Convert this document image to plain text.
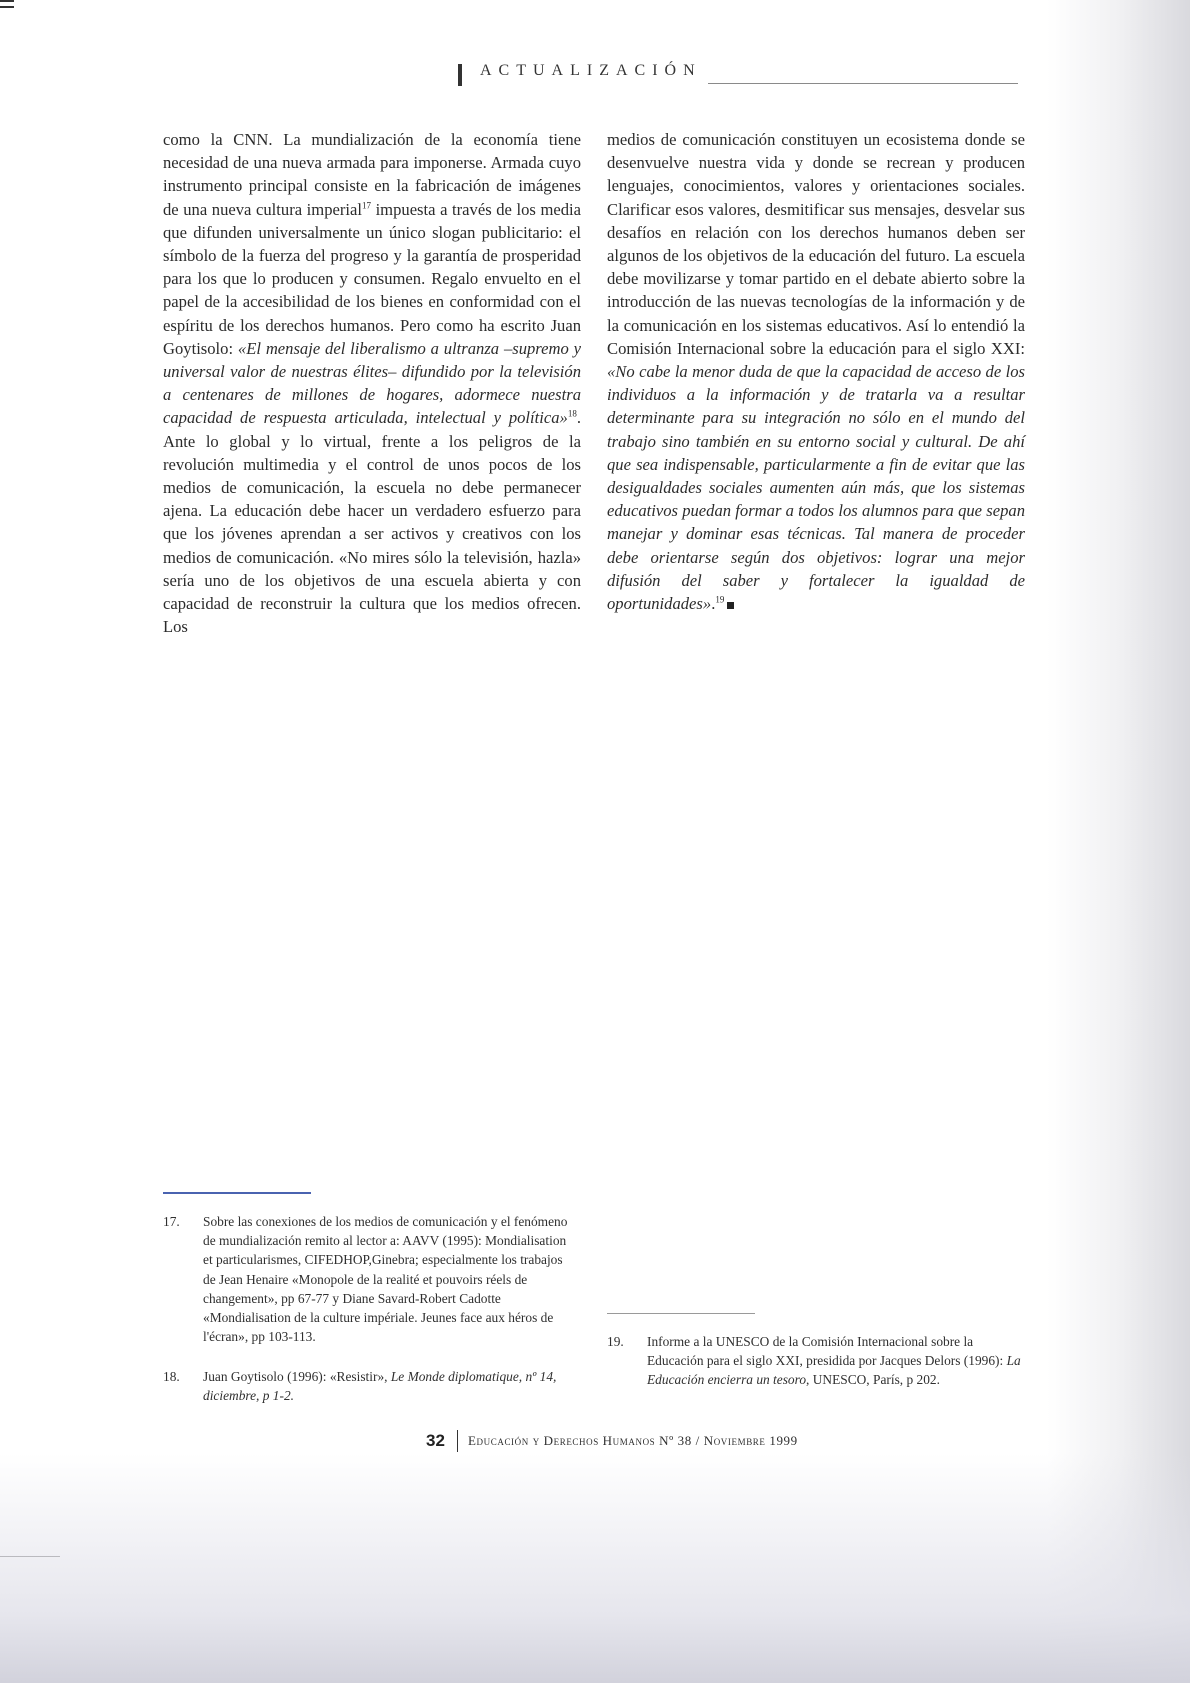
ACTUALIZACIÓN

como la CNN. La mundialización de la economía tiene necesidad de una nueva armada para imponerse. Armada cuyo instrumento principal consiste en la fabricación de imágenes de una nueva cultura imperial$^{17}$ impuesta a través de los media que difunden universalmente un único slogan publicitario: el símbolo de la fuerza del progreso y la garantía de prosperidad para los que lo producen y consumen. Regalo envuelto en el papel de la accesibilidad de los bienes en conformidad con el espíritu de los derechos humanos. Pero como ha escrito Juan Goytisolo: «El mensaje del liberalismo a ultranza –supremo y universal valor de nuestras élites– difundido por la televisión a centenares de millones de hogares, adormece nuestra capacidad de respuesta articulada, intelectual y política»$^{18}$. Ante lo global y lo virtual, frente a los peligros de la revolución multimedia y el control de unos pocos de los medios de comunicación, la escuela no debe permanecer ajena. La educación debe hacer un verdadero esfuerzo para que los jóvenes aprendan a ser activos y creativos con los medios de comunicación. «No mires sólo la televisión, hazla» sería uno de los objetivos de una escuela abierta y con capacidad de reconstruir la cultura que los medios ofrecen. Los

medios de comunicación constituyen un ecosistema donde se desenvuelve nuestra vida y donde se recrean y producen lenguajes, conocimientos, valores y orientaciones sociales. Clarificar esos valores, desmitificar sus mensajes, desvelar sus desafíos en relación con los derechos humanos deben ser algunos de los objetivos de la educación del futuro. La escuela debe movilizarse y tomar partido en el debate abierto sobre la introducción de las nuevas tecnologías de la información y de la comunicación en los sistemas educativos. Así lo entendió la Comisión Internacional sobre la educación para el siglo XXI: «No cabe la menor duda de que la capacidad de acceso de los individuos a la información y de tratarla va a resultar determinante para su integración no sólo en el mundo del trabajo sino también en su entorno social y cultural. De ahí que sea indispensable, particularmente a fin de evitar que las desigualdades sociales aumenten aún más, que los sistemas educativos puedan formar a todos los alumnos para que sepan manejar y dominar esas técnicas. Tal manera de proceder debe orientarse según dos objetivos: lograr una mejor difusión del saber y fortalecer la igualdad de oportunidades».$^{19}$

17.	Sobre las conexiones de los medios de comunicación y el fenómeno de mundialización remito al lector a: AAVV (1995): Mondialisation et particularismes, CIFEDHOP,Ginebra; especialmente los trabajos de Jean Henaire «Monopole de la realité et pouvoirs réels de changement», pp 67-77 y Diane Savard-Robert Cadotte «Mondialisation de la culture impériale. Jeunes face aux héros de l'écran», pp 103-113.
18.	Juan Goytisolo (1996): «Resistir», Le Monde diplomatique, nº 14, diciembre, p 1-2.
19.	Informe a la UNESCO de la Comisión Internacional sobre la Educación para el siglo XXI, presidida por Jacques Delors (1996): La Educación encierra un tesoro, UNESCO, París, p 202.
32 Educación y Derechos Humanos Nº 38 / Noviembre 1999
